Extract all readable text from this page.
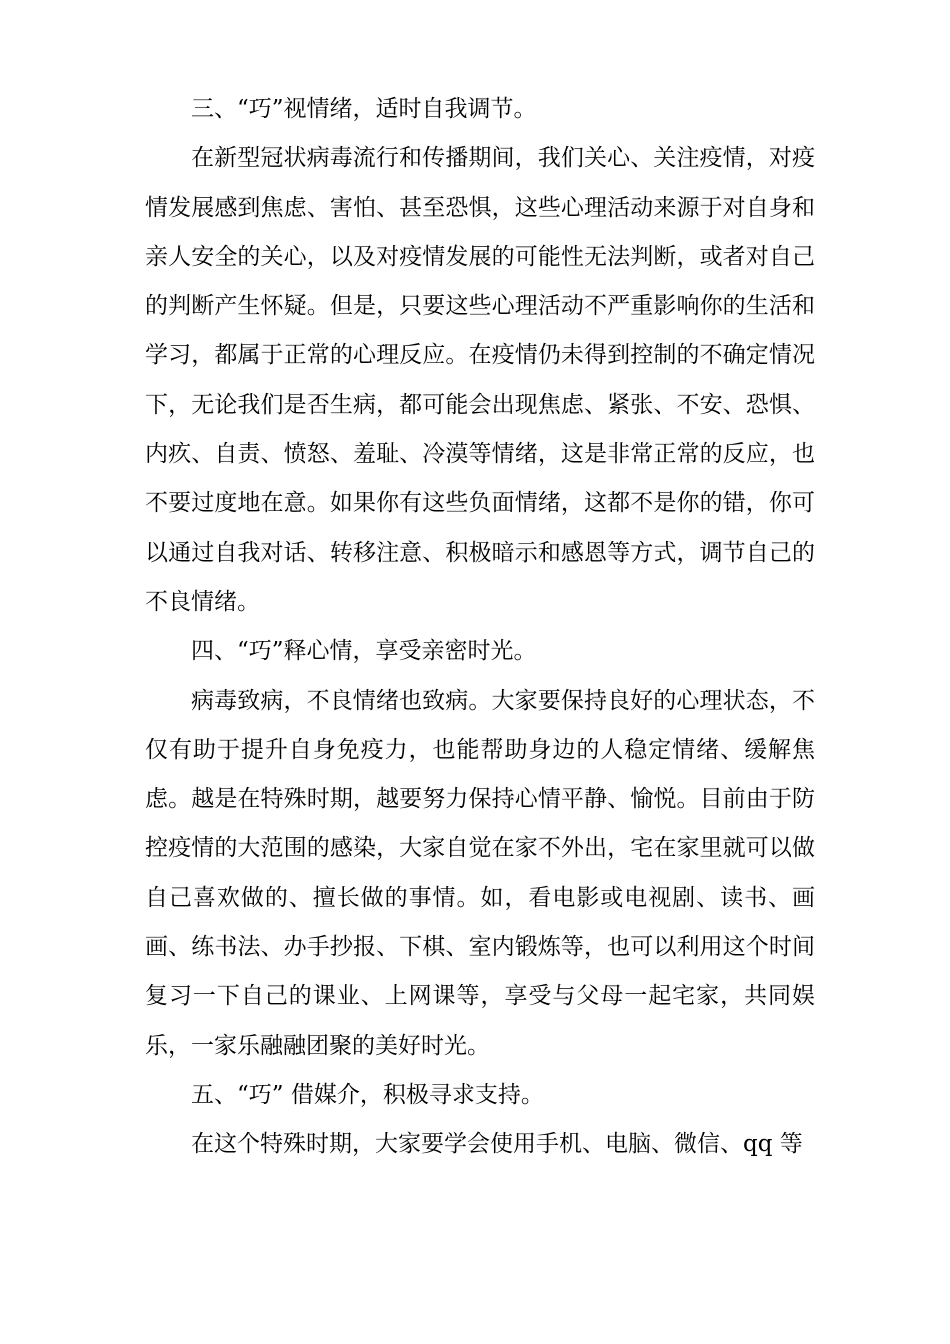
三、“巧”视情绪，适时自我调节。

在新型冠状病毒流行和传播期间，我们关心、关注疫情，对疫情发展感到焦虑、害怕、甚至恐惧，这些心理活动来源于对自身和亲人安全的关心，以及对疫情发展的可能性无法判断，或者对自己的判断产生怀疑。但是，只要这些心理活动不严重影响你的生活和学习，都属于正常的心理反应。在疫情仍未得到控制的不确定情况下，无论我们是否生病，都可能会出现焦虑、紧张、不安、恐惧、内疚、自责、愤怒、羞耻、冷漠等情绪，这是非常正常的反应，也不要过度地在意。如果你有这些负面情绪，这都不是你的错，你可以通过自我对话、转移注意、积极暗示和感恩等方式，调节自己的不良情绪。

四、“巧”释心情，享受亲密时光。

病毒致病，不良情绪也致病。大家要保持良好的心理状态，不仅有助于提升自身免疫力，也能帮助身边的人稳定情绪、缓解焦虑。越是在特殊时期，越要努力保持心情平静、愉悦。目前由于防控疫情的大范围的感染，大家自觉在家不外出，宅在家里就可以做自己喜欢做的、擅长做的事情。如，看电影或电视剧、读书、画画、练书法、办手抄报、下棋、室内锻炼等，也可以利用这个时间复习一下自己的课业、上网课等，享受与父母一起宅家，共同娱乐，一家乐融融团聚的美好时光。

五、“巧” 借媒介，积极寻求支持。

在这个特殊时期，大家要学会使用手机、电脑、微信、qq 等
